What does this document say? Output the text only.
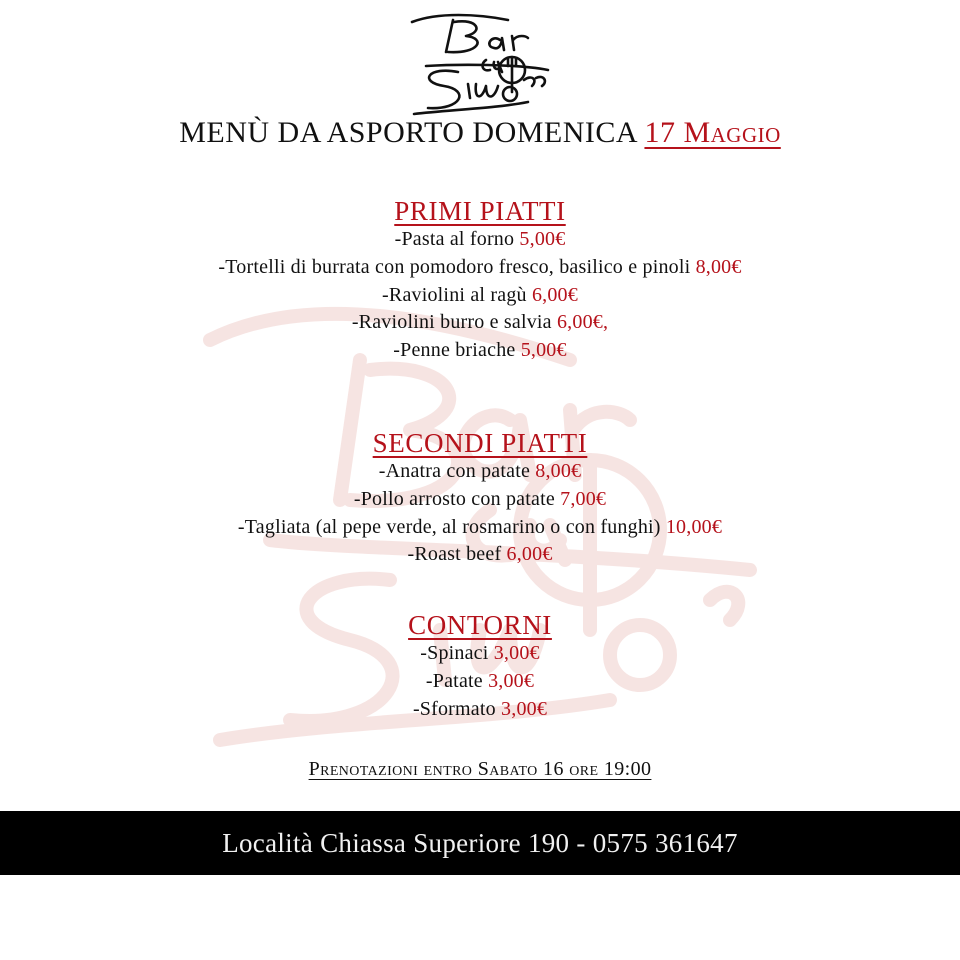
MENÙ DA ASPORTO DOMENICA 17 Maggio
PRIMI PIATTI
-Pasta al forno 5,00€
-Tortelli di burrata con pomodoro fresco, basilico e pinoli 8,00€
-Raviolini al ragù 6,00€
-Raviolini burro e salvia 6,00€,
-Penne briache 5,00€
SECONDI PIATTI
-Anatra con patate 8,00€
-Pollo arrosto con patate 7,00€
-Tagliata (al pepe verde, al rosmarino o con funghi) 10,00€
-Roast beef 6,00€
CONTORNI
-Spinaci 3,00€
-Patate 3,00€
-Sformato 3,00€
Prenotazioni entro Sabato 16 ore 19:00
Località Chiassa Superiore 190 - 0575 361647
